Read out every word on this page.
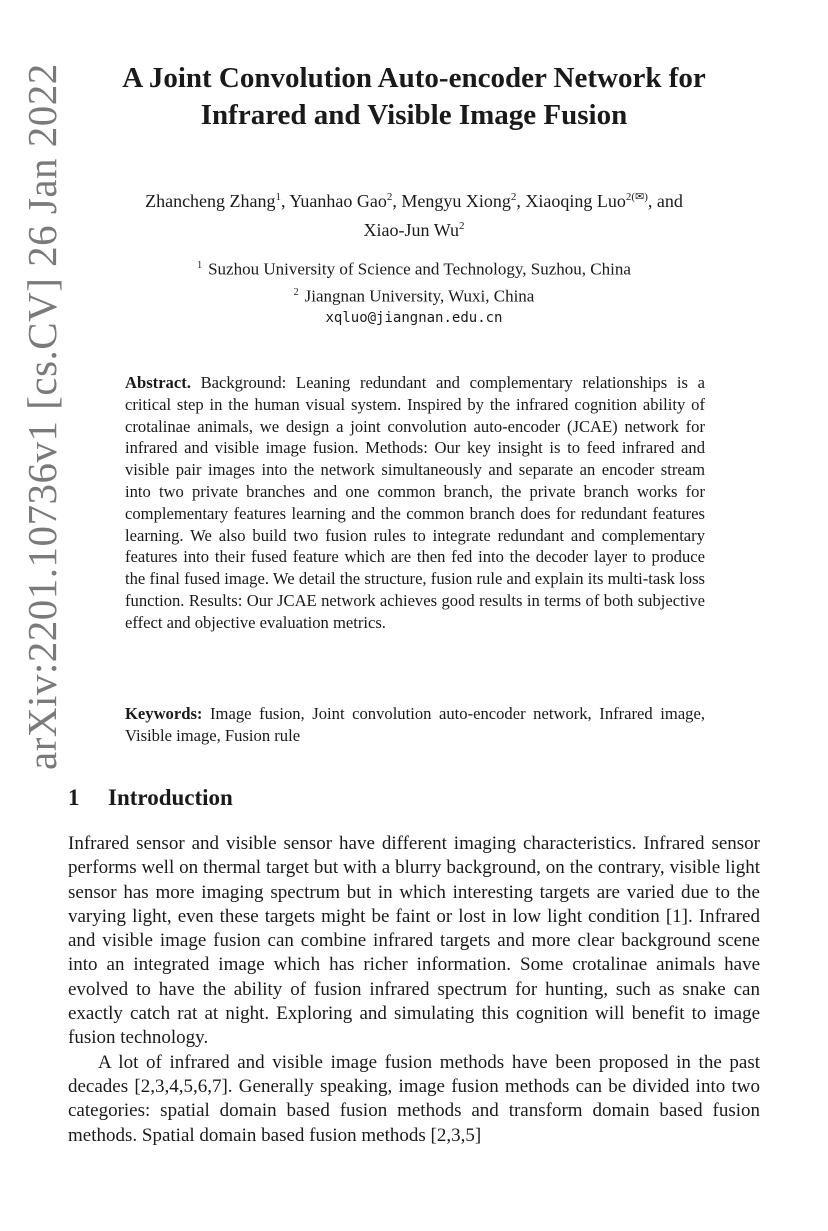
arXiv:2201.10736v1 [cs.CV] 26 Jan 2022	A Joint Convolution Auto-encoder Network for
Infrared and Visible Image Fusion
Zhancheng Zhang$^1$, Yuanhao Gao$^2$, Mengyu Xiong$^2$, Xiaoqing Luo$^{2(✉)}$, and
Xiao-Jun Wu$^2$
$^1$ Suzhou University of Science and Technology, Suzhou, China
$^2$ Jiangnan University, Wuxi, China
xqluo@jiangnan.edu.cn
Abstract. Background: Leaning redundant and complementary relationships is a critical step in the human visual system. Inspired by the infrared cognition ability of crotalinae animals, we design a joint convolution auto-encoder (JCAE) network for infrared and visible image fusion. Methods: Our key insight is to feed infrared and visible pair images into the network simultaneously and separate an encoder stream into two private branches and one common branch, the private branch works for complementary features learning and the common branch does for redundant features learning. We also build two fusion rules to integrate redundant and complementary features into their fused feature which are then fed into the decoder layer to produce the final fused image. We detail the structure, fusion rule and explain its multi-task loss function. Results: Our JCAE network achieves good results in terms of both subjective effect and objective evaluation metrics.
Keywords: Image fusion, Joint convolution auto-encoder network, Infrared image, Visible image, Fusion rule
1 Introduction

Infrared sensor and visible sensor have different imaging characteristics. Infrared sensor performs well on thermal target but with a blurry background, on the contrary, visible light sensor has more imaging spectrum but in which interesting targets are varied due to the varying light, even these targets might be faint or lost in low light condition [1]. Infrared and visible image fusion can combine infrared targets and more clear background scene into an integrated image which has richer information. Some crotalinae animals have evolved to have the ability of fusion infrared spectrum for hunting, such as snake can exactly catch rat at night. Exploring and simulating this cognition will benefit to image fusion technology.

A lot of infrared and visible image fusion methods have been proposed in the past decades [2,3,4,5,6,7]. Generally speaking, image fusion methods can be divided into two categories: spatial domain based fusion methods and transform domain based fusion methods. Spatial domain based fusion methods [2,3,5]
